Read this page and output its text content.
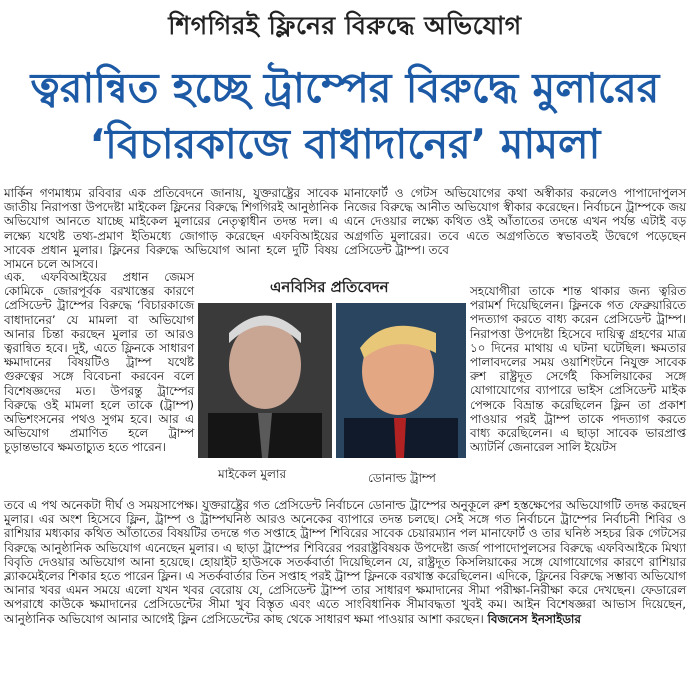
শিগগিরই ফ্লিনের বিরুদ্ধে অভিযোগ
ত্বরান্বিত হচ্ছে ট্রাম্পের বিরুদ্ধে মুলারের
‘বিচারকাজে বাধাদানের’ মামলা

মার্কিন গণমাধ্যম রবিবার এক প্রতিবেদনে জানায়, যুক্তরাষ্ট্রের সাবেক জাতীয় নিরাপত্তা উপদেষ্টা মাইকেল ফ্লিনের বিরুদ্ধে শিগগিরই আনুষ্ঠানিক অভিযোগ আনতে যাচ্ছে মাইকেল মুলারের নেতৃত্বাধীন তদন্ত দল। এ লক্ষ্যে যথেষ্ট তথ্য-প্রমাণ ইতিমধ্যে জোগাড় করেছেন এফবিআইয়ের সাবেক প্রধান মুলার। ফ্লিনের বিরুদ্ধে অভিযোগ আনা হলে দুটি বিষয় সামনে চলে আসবে।

এক. এফবিআইয়ের প্রধান জেমস কোমিকে জোরপূর্বক বরখাস্তের কারণে প্রেসিডেন্ট ট্রাম্পের বিরুদ্ধে ‘বিচারকাজে বাধাদানের’ যে মামলা বা অভিযোগ আনার চিন্তা করছেন মুলার তা আরও ত্বরান্বিত হবে। দুই, এতে ফ্লিনকে সাধারণ ক্ষমাদানের বিষয়টিও ট্রাম্প যথেষ্ট গুরুত্বের সঙ্গে বিবেচনা করবেন বলে বিশেষজ্ঞদের মত। উপরন্তু ট্রাম্পের বিরুদ্ধে ওই মামলা হলে তাকে (ট্রাম্প) অভিশংসনের পথও সুগম হবে। আর এ অভিযোগ প্রমাণিত হলে ট্রাম্প চূড়ান্তভাবে ক্ষমতাচ্যুত হতে পারেন।

মানাফোর্ট ও গেটস অভিযোগের কথা অস্বীকার করলেও পাপাদোপুলস নিজের বিরুদ্ধে আনীত অভিযোগ স্বীকার করেছেন। নির্বাচনে ট্রাম্পকে জয় এনে দেওয়ার লক্ষ্যে কথিত ওই আঁতাতের তদন্তে এখন পর্যন্ত এটাই বড় অগ্রগতি মুলারের। তবে এতে অগ্রগতিতে স্বভাবতই উদ্বেগে পড়েছেন প্রেসিডেন্ট ট্রাম্প। তবে

সহযোগীরা তাকে শান্ত থাকার জন্য ত্বরিত পরামর্শ দিয়েছিলেন। ফ্লিনকে গত ফেব্রুয়ারিতে পদত্যাগ করতে বাধ্য করেন প্রেসিডেন্ট ট্রাম্প। নিরাপত্তা উপদেষ্টা হিসেবে দায়িত্ব গ্রহণের মাত্র ১০ দিনের মাথায় এ ঘটনা ঘটেছিল। ক্ষমতার পালাবদলের সময় ওয়াশিংটনে নিযুক্ত সাবেক রুশ রাষ্ট্রদূত সের্গেই কিসলিয়াকের সঙ্গে যোগাযোগের ব্যাপারে ভাইস প্রেসিডেন্ট মাইক পেন্সকে বিভ্রান্ত করেছিলেন ফ্লিন তা প্রকাশ পাওয়ার পরই ট্রাম্প তাকে পদত্যাগ করতে বাধ্য করেছিলেন। এ ছাড়া সাবেক ভারপ্রাপ্ত অ্যাটর্নি জেনারেল সালি ইয়েটস

এনবিসির প্রতিবেদন
মাইকেল মুলার	ডোনাল্ড ট্রাম্প

তবে এ পথ অনেকটা দীর্ঘ ও সময়সাপেক্ষ। যুক্তরাষ্ট্রের গত প্রেসিডেন্ট নির্বাচনে ডোনাল্ড ট্রাম্পের অনুকূলে রুশ হস্তক্ষেপের অভিযোগটি তদন্ত করছেন মুলার। এর অংশ হিসেবে ফ্লিন, ট্রাম্প ও ট্রাম্পঘনিষ্ঠ আরও অনেকের ব্যাপারে তদন্ত চলছে। সেই সঙ্গে গত নির্বাচনে ট্রাম্পের নির্বাচনী শিবির ও রাশিয়ার মধ্যকার কথিত আঁতাতের বিষয়টির তদন্তে গত সপ্তাহে ট্রাম্প শিবিরের সাবেক চেয়ারম্যান পল মানাফোর্ট ও তার ঘনিষ্ঠ সহচর রিক গেটসের বিরুদ্ধে আনুষ্ঠানিক অভিযোগ এনেছেন মুলার। এ ছাড়া ট্রাম্পের শিবিরের পররাষ্ট্রবিষয়ক উপদেষ্টা জর্জ পাপাদোপুলসের বিরুদ্ধে এফবিআইকে মিথ্যা বিবৃতি দেওয়ার অভিযোগ আনা হয়েছে। হোয়াইট হাউসকে সতর্কবার্তা দিয়েছিলেন যে, রাষ্ট্রদূত কিসলিয়াকের সঙ্গে যোগাযোগের কারণে রাশিয়ার ব্ল্যাকমেইলের শিকার হতে পারেন ফ্লিন। এ সতর্কবার্তার তিন সপ্তাহ পরই ট্রাম্প ফ্লিনকে বরখাস্ত করেছিলেন। এদিকে, ফ্লিনের বিরুদ্ধে সম্ভাব্য অভিযোগ আনার খবর এমন সময়ে এলো যখন খবর বেরোয় যে, প্রেসিডেন্ট ট্রাম্প তার সাধারণ ক্ষমাদানের সীমা পরীক্ষা-নিরীক্ষা করে দেখছেন। ফেডারেল অপরাধে কাউকে ক্ষমাদানের প্রেসিডেন্টের সীমা খুব বিস্তৃত এবং এতে সাংবিধানিক সীমাবদ্ধতা খুবই কম। আইন বিশেষজ্ঞরা আভাস দিয়েছেন, আনুষ্ঠানিক অভিযোগ আনার আগেই ফ্লিন প্রেসিডেন্টের কাছ থেকে সাধারণ ক্ষমা পাওয়ার আশা করছেন। বিজনেস ইনসাইডার
